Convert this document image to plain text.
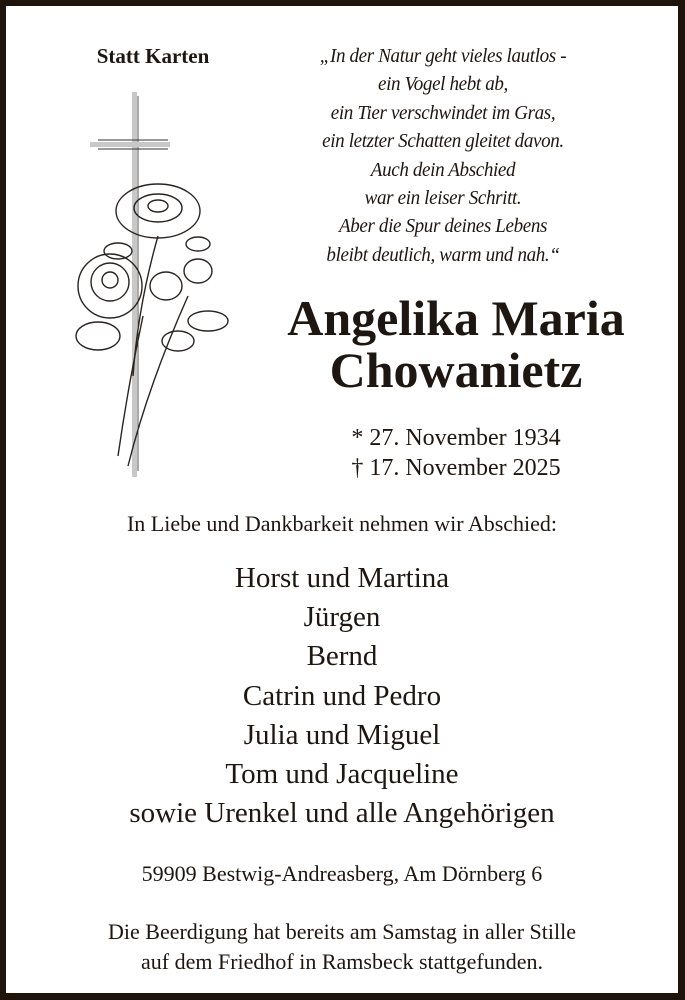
Statt Karten	„In der Natur geht vieles lautlos -
ein Vogel hebt ab,
ein Tier verschwindet im Gras,
ein letzter Schatten gleitet davon.
Auch dein Abschied
war ein leiser Schritt.
Aber die Spur deines Lebens
bleibt deutlich, warm und nah.“
Angelika Maria
Chowanietz
* 27. November 1934
† 17. November 2025
In Liebe und Dankbarkeit nehmen wir Abschied:
Horst und Martina
Jürgen
Bernd
Catrin und Pedro
Julia und Miguel
Tom und Jacqueline
sowie Urenkel und alle Angehörigen
59909 Bestwig-Andreasberg, Am Dörnberg 6
Die Beerdigung hat bereits am Samstag in aller Stille
auf dem Friedhof in Ramsbeck stattgefunden.
